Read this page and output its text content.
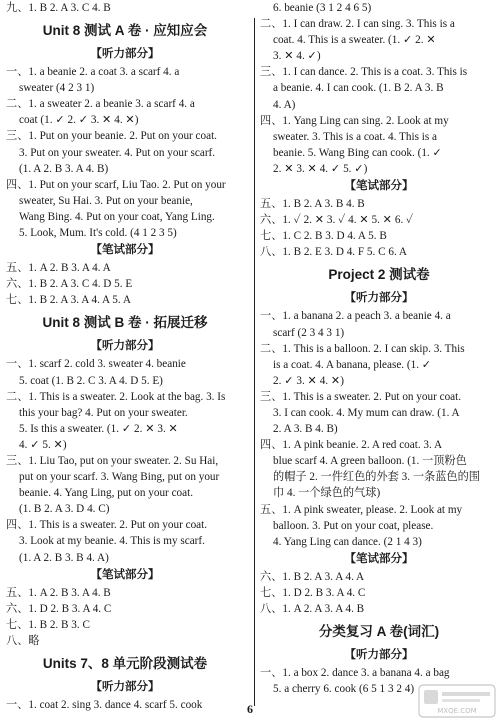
九、1. B 2. A 3. C 4. B
Unit 8 测试 A 卷 · 应知应会
【听力部分】
一、1. a beanie 2. a coat 3. a scarf 4. a
sweater (4 2 3 1)
二、1. a sweater 2. a beanie 3. a scarf 4. a
coat (1. ✓ 2. ✓ 3. ✕ 4. ✕)
三、1. Put on your beanie. 2. Put on your coat.
3. Put on your sweater. 4. Put on your scarf.
(1. A 2. B 3. A 4. B)
四、1. Put on your scarf, Liu Tao. 2. Put on your
sweater, Su Hai. 3. Put on your beanie,
Wang Bing. 4. Put on your coat, Yang Ling.
5. Look, Mum. It's cold. (4 1 2 3 5)
【笔试部分】
五、1. A 2. B 3. A 4. A
六、1. B 2. A 3. C 4. D 5. E
七、1. B 2. A 3. A 4. A 5. A
Unit 8 测试 B 卷 · 拓展迁移
【听力部分】
一、1. scarf 2. cold 3. sweater 4. beanie
5. coat (1. B 2. C 3. A 4. D 5. E)
二、1. This is a sweater. 2. Look at the bag. 3. Is
this your bag? 4. Put on your sweater.
5. Is this a sweater. (1. ✓ 2. ✕ 3. ✕
4. ✓ 5. ✕)
三、1. Liu Tao, put on your sweater. 2. Su Hai,
put on your scarf. 3. Wang Bing, put on your
beanie. 4. Yang Ling, put on your coat.
(1. B 2. A 3. D 4. C)
四、1. This is a sweater. 2. Put on your coat.
3. Look at my beanie. 4. This is my scarf.
(1. A 2. B 3. B 4. A)
【笔试部分】
五、1. A 2. B 3. A 4. B
六、1. D 2. B 3. A 4. C
七、1. B 2. B 3. C
八、略
Units 7、8 单元阶段测试卷
【听力部分】
一、1. coat 2. sing 3. dance 4. scarf 5. cook
6. beanie (3 1 2 4 6 5)
二、1. I can draw. 2. I can sing. 3. This is a
coat. 4. This is a sweater. (1. ✓ 2. ✕
3. ✕ 4. ✓)
三、1. I can dance. 2. This is a coat. 3. This is
a beanie. 4. I can cook. (1. B 2. A 3. B
4. A)
四、1. Yang Ling can sing. 2. Look at my
sweater. 3. This is a coat. 4. This is a
beanie. 5. Wang Bing can cook. (1. ✓
2. ✕ 3. ✕ 4. ✓ 5. ✓)
【笔试部分】
五、1. B 2. A 3. B 4. B
六、1. ✓ 2. ✕ 3. ✓ 4. ✕ 5. ✕ 6. ✓
七、1. C 2. B 3. D 4. A 5. B
八、1. B 2. E 3. D 4. F 5. C 6. A
Project 2 测试卷
【听力部分】
一、1. a banana 2. a peach 3. a beanie 4. a
scarf (2 3 4 3 1)
二、1. This is a balloon. 2. I can skip. 3. This
is a coat. 4. A banana, please. (1. ✓
2. ✓ 3. ✕ 4. ✕)
三、1. This is a sweater. 2. Put on your coat.
3. I can cook. 4. My mum can draw. (1. A
2. A 3. B 4. B)
四、1. A pink beanie. 2. A red coat. 3. A
blue scarf 4. A green balloon. (1. 一顶粉色
的帽子 2. 一件红色的外套 3. 一条蓝色的围
巾 4. 一个绿色的气球)
五、1. A pink sweater, please. 2. Look at my
balloon. 3. Put on your coat, please.
4. Yang Ling can dance. (2 1 4 3)
【笔试部分】
六、1. B 2. A 3. A 4. A
七、1. D 2. B 3. A 4. C
八、1. A 2. A 3. A 4. B
分类复习 A 卷(词汇)
【听力部分】
一、1. a box 2. dance 3. a banana 4. a bag
5. a cherry 6. cook (6 5 1 3 2 4)
6	MXQE.COM
